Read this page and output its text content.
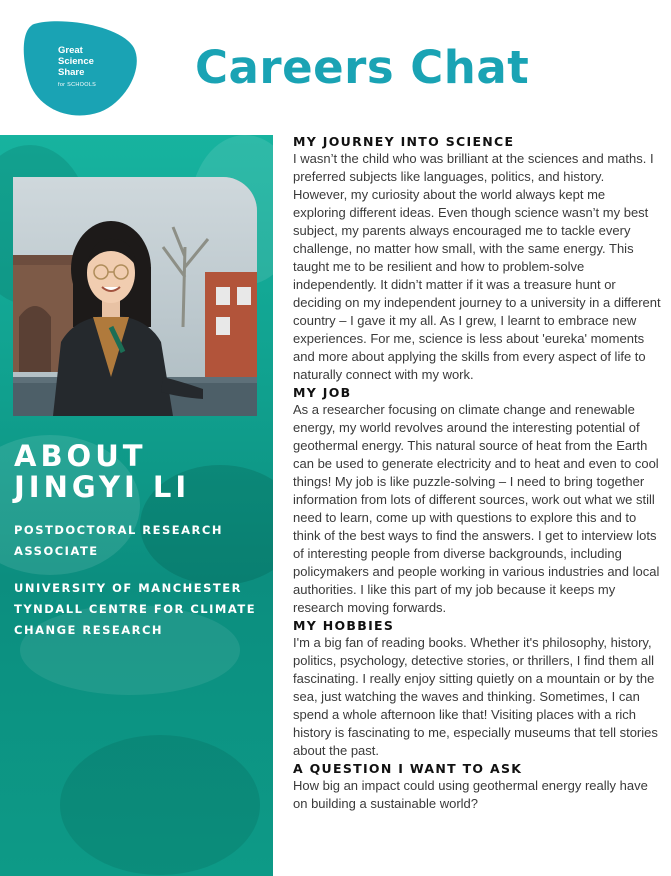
Great
Science
Share
for SCHOOLS Careers Chat
ABOUT
JINGYI LI

POSTDOCTORAL RESEARCH ASSOCIATE

UNIVERSITY OF MANCHESTER TYNDALL CENTRE FOR CLIMATE CHANGE RESEARCH

MY JOURNEY INTO SCIENCE

I wasn’t the child who was brilliant at the sciences and maths. I preferred subjects like languages, politics, and history. However, my curiosity about the world always kept me exploring different ideas. Even though science wasn’t my best subject, my parents always encouraged me to tackle every challenge, no matter how small, with the same energy. This taught me to be resilient and how to problem-solve independently. It didn’t matter if it was a treasure hunt or deciding on my independent journey to a university in a different country – I gave it my all. As I grew, I learnt to embrace new experiences. For me, science is less about 'eureka' moments and more about applying the skills from every aspect of life to naturally connect with my work.

MY JOB

As a researcher focusing on climate change and renewable energy, my world revolves around the interesting potential of geothermal energy. This natural source of heat from the Earth can be used to generate electricity and to heat and even to cool things! My job is like puzzle-solving – I need to bring together information from lots of different sources, work out what we still need to learn, come up with questions to explore this and to think of the best ways to find the answers. I get to interview lots of interesting people from diverse backgrounds, including policymakers and people working in various industries and local authorities. I like this part of my job because it keeps my research moving forwards.

MY HOBBIES

I'm a big fan of reading books. Whether it's philosophy, history, politics, psychology, detective stories, or thrillers, I find them all fascinating. I really enjoy sitting quietly on a mountain or by the sea, just watching the waves and thinking. Sometimes, I can spend a whole afternoon like that! Visiting places with a rich history is fascinating to me, especially museums that tell stories about the past.

A QUESTION I WANT TO ASK

How big an impact could using geothermal energy really have on building a sustainable world?
